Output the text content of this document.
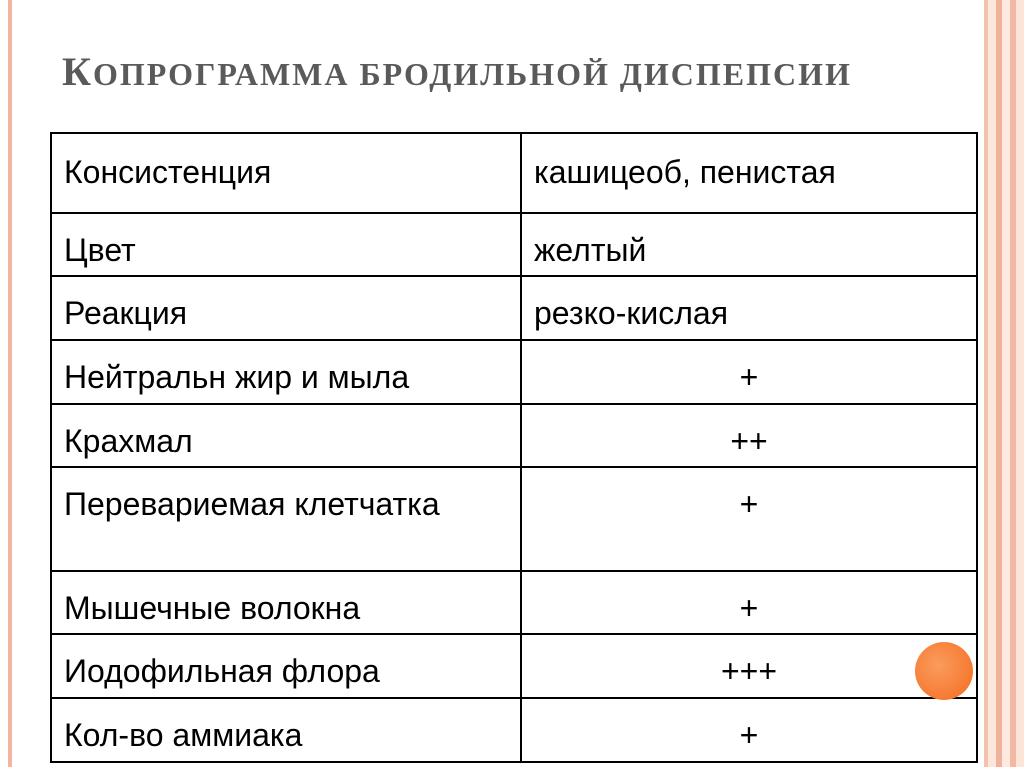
КОПРОГРАММА БРОДИЛЬНОЙ ДИСПЕПСИИ
Консистенция	кашицеоб, пенистая
Цвет	желтый
Реакция	резко-кислая
Нейтральн жир и мыла	+
Крахмал	++
Перевариемая клетчатка	+
Мышечные волокна	+
Иодофильная флора	+++
Кол-во аммиака	+
